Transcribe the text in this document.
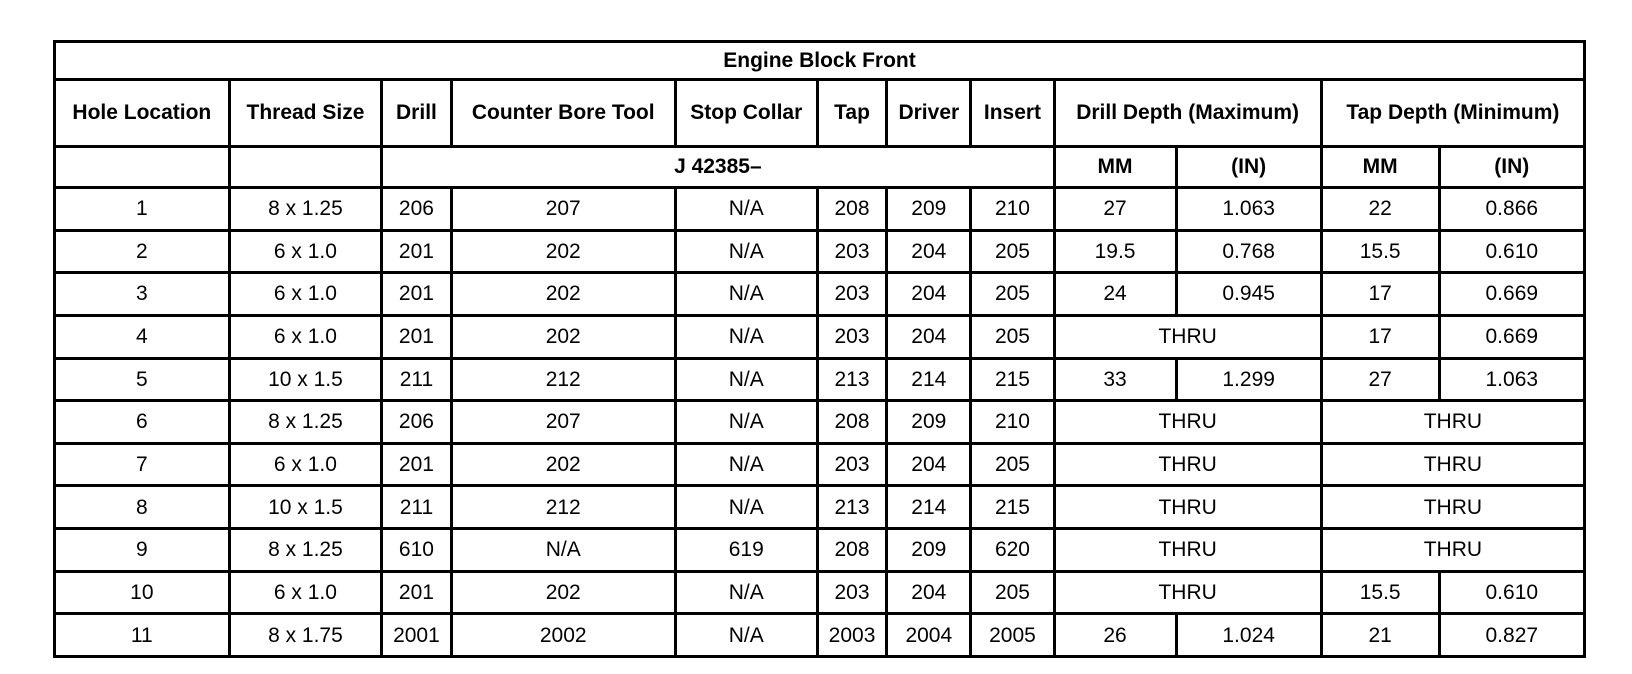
Engine Block Front											
Hole Location	Thread Size	Drill	Counter Bore Tool	Stop Collar	Tap	Driver	Insert	Drill Depth (Maximum)		Tap Depth (Minimum)	
		J 42385–						MM	(IN)	MM	(IN)
1	8 x 1.25	206	207	N/A	208	209	210	27	1.063	22	0.866
2	6 x 1.0	201	202	N/A	203	204	205	19.5	0.768	15.5	0.610
3	6 x 1.0	201	202	N/A	203	204	205	24	0.945	17	0.669
4	6 x 1.0	201	202	N/A	203	204	205	THRU		17	0.669
5	10 x 1.5	211	212	N/A	213	214	215	33	1.299	27	1.063
6	8 x 1.25	206	207	N/A	208	209	210	THRU		THRU	
7	6 x 1.0	201	202	N/A	203	204	205	THRU		THRU	
8	10 x 1.5	211	212	N/A	213	214	215	THRU		THRU	
9	8 x 1.25	610	N/A	619	208	209	620	THRU		THRU	
10	6 x 1.0	201	202	N/A	203	204	205	THRU		15.5	0.610
11	8 x 1.75	2001	2002	N/A	2003	2004	2005	26	1.024	21	0.827
